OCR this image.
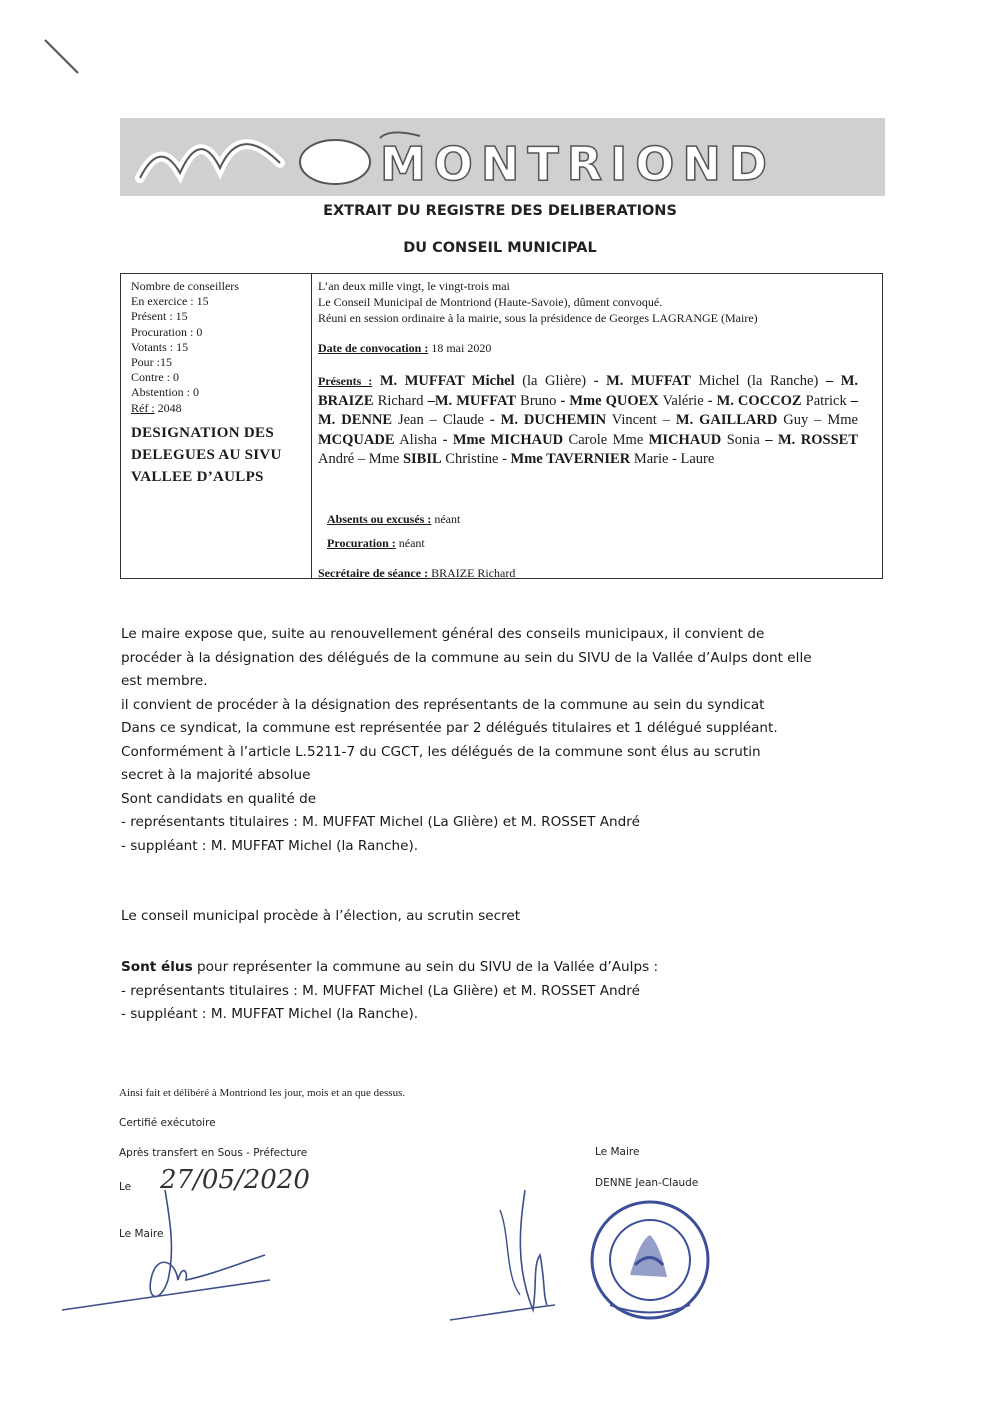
MONTRIOND
EXTRAIT DU REGISTRE DES DELIBERATIONS
DU CONSEIL MUNICIPAL
Nombre de conseillers
En exercice : 15
Présent : 15
Procuration : 0
Votants : 15
Pour :15
Contre : 0
Abstention : 0
Réf : 2048
DESIGNATION DES
DELEGUES AU SIVU
VALLEE D’AULPS
L’an deux mille vingt, le vingt-trois mai
Le Conseil Municipal de Montriond (Haute-Savoie), dûment convoqué.
Réuni en session ordinaire à la mairie, sous la présidence de Georges LAGRANGE (Maire)
Date de convocation : 18 mai 2020
Présents : M. MUFFAT Michel (la Glière) - M. MUFFAT Michel (la Ranche) – M. BRAIZE Richard –M. MUFFAT Bruno - Mme QUOEX Valérie - M. COCCOZ Patrick – M. DENNE Jean – Claude - M. DUCHEMIN Vincent – M. GAILLARD Guy – Mme MCQUADE Alisha - Mme MICHAUD Carole Mme MICHAUD Sonia – M. ROSSET André – Mme SIBIL Christine - Mme TAVERNIER Marie - Laure
Absents ou excusés : néant
Procuration : néant
Secrétaire de séance : BRAIZE Richard
Le maire expose que, suite au renouvellement général des conseils municipaux, il convient de
procéder à la désignation des délégués de la commune au sein du SIVU de la Vallée d’Aulps dont elle
est membre.
il convient de procéder à la désignation des représentants de la commune au sein du syndicat
Dans ce syndicat, la commune est représentée par 2 délégués titulaires et 1 délégué suppléant.
Conformément à l’article L.5211-7 du CGCT, les délégués de la commune sont élus au scrutin
secret à la majorité absolue
Sont candidats en qualité de
- représentants titulaires : M. MUFFAT Michel (La Glière) et M. ROSSET André
- suppléant : M. MUFFAT Michel (la Ranche).
Le conseil municipal procède à l’élection, au scrutin secret
Sont élus pour représenter la commune au sein du SIVU de la Vallée d’Aulps :
- représentants titulaires : M. MUFFAT Michel (La Glière) et M. ROSSET André
- suppléant : M. MUFFAT Michel (la Ranche).
Ainsi fait et délibéré à Montriond les jour, mois et an que dessus.
Certifié exécutoire
Après transfert en Sous - Préfecture
Le 27/05/2020
Le Maire
Le Maire
DENNE Jean-Claude
